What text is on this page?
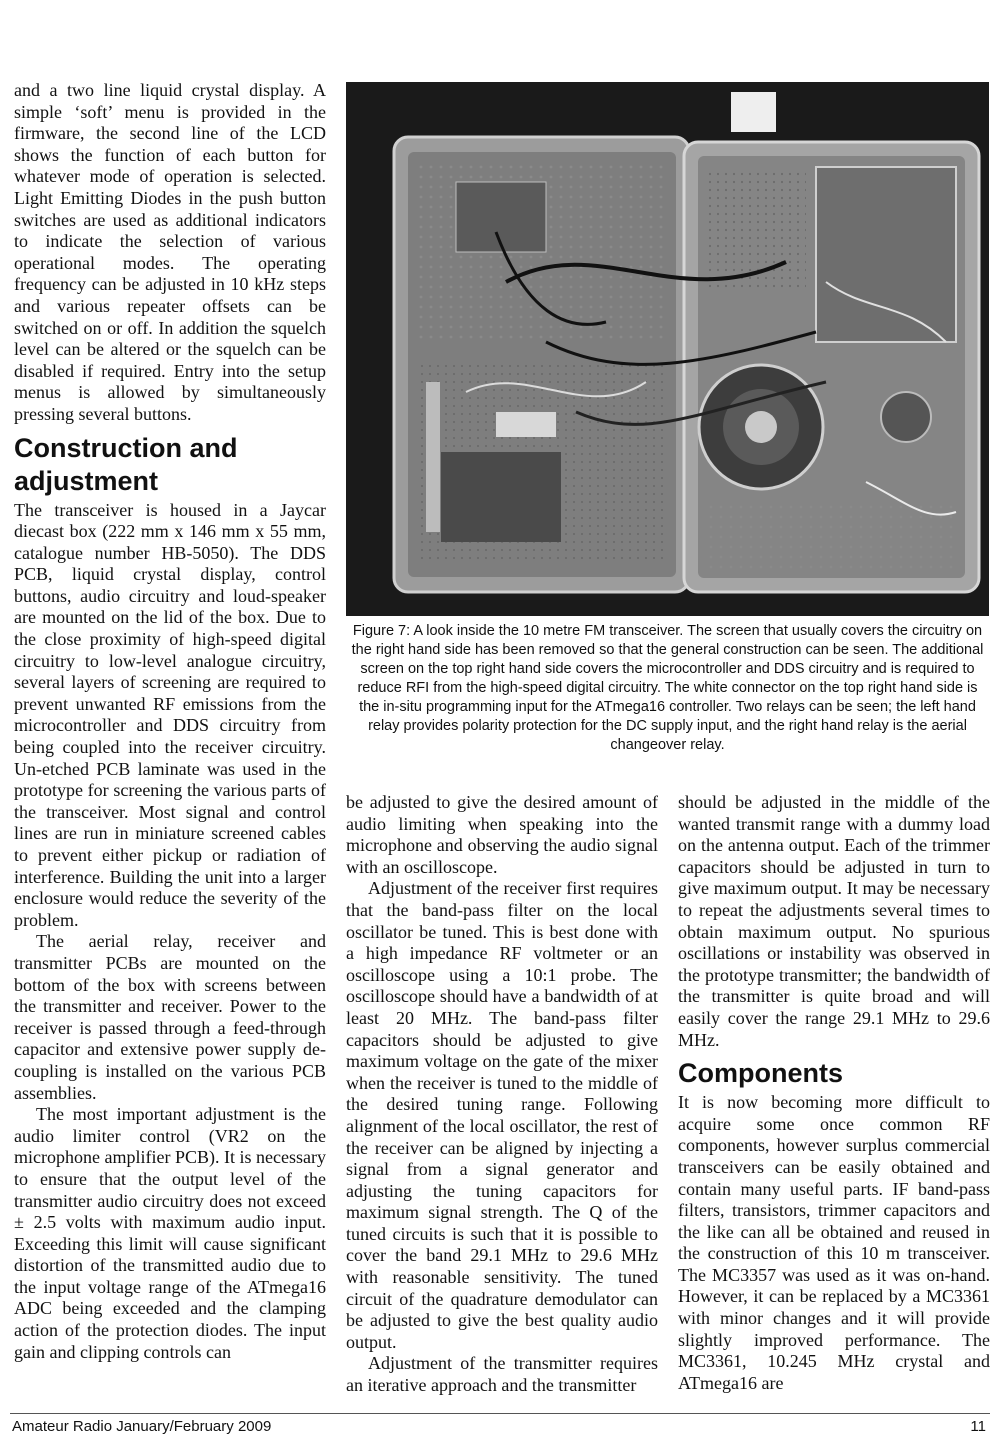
and a two line liquid crystal display. A simple ‘soft’ menu is provided in the firmware, the second line of the LCD shows the function of each button for whatever mode of operation is selected. Light Emitting Diodes in the push button switches are used as additional indicators to indicate the selection of various operational modes. The operating frequency can be adjusted in 10 kHz steps and various repeater offsets can be switched on or off. In addition the squelch level can be altered or the squelch can be disabled if required. Entry into the setup menus is allowed by simultaneously pressing several buttons.

Construction and adjustment

The transceiver is housed in a Jaycar diecast box (222 mm x 146 mm x 55 mm, catalogue number HB-5050). The DDS PCB, liquid crystal display, control buttons, audio circuitry and loud-speaker are mounted on the lid of the box. Due to the close proximity of high-speed digital circuitry to low-level analogue circuitry, several layers of screening are required to prevent unwanted RF emissions from the microcontroller and DDS circuitry from being coupled into the receiver circuitry. Un-etched PCB laminate was used in the prototype for screening the various parts of the transceiver. Most signal and control lines are run in miniature screened cables to prevent either pickup or radiation of interference. Building the unit into a larger enclosure would reduce the severity of the problem.

The aerial relay, receiver and transmitter PCBs are mounted on the bottom of the box with screens between the transmitter and receiver. Power to the receiver is passed through a feed-through capacitor and extensive power supply de-coupling is installed on the various PCB assemblies.

The most important adjustment is the audio limiter control (VR2 on the microphone amplifier PCB). It is necessary to ensure that the output level of the transmitter audio circuitry does not exceed ± 2.5 volts with maximum audio input. Exceeding this limit will cause significant distortion of the transmitted audio due to the input voltage range of the ATmega16 ADC being exceeded and the clamping action of the protection diodes. The input gain and clipping controls can

Figure 7: A look inside the 10 metre FM transceiver. The screen that usually covers the circuitry on the right hand side has been removed so that the general construction can be seen. The additional screen on the top right hand side covers the microcontroller and DDS circuitry and is required to reduce RFI from the high-speed digital circuitry. The white connector on the top right hand side is the in-situ programming input for the ATmega16 controller. Two relays can be seen; the left hand relay provides polarity protection for the DC supply input, and the right hand relay is the aerial changeover relay.

be adjusted to give the desired amount of audio limiting when speaking into the microphone and observing the audio signal with an oscilloscope.

Adjustment of the receiver first requires that the band-pass filter on the local oscillator be tuned. This is best done with a high impedance RF voltmeter or an oscilloscope using a 10:1 probe. The oscilloscope should have a bandwidth of at least 20 MHz. The band-pass filter capacitors should be adjusted to give maximum voltage on the gate of the mixer when the receiver is tuned to the middle of the desired tuning range. Following alignment of the local oscillator, the rest of the receiver can be aligned by injecting a signal from a signal generator and adjusting the tuning capacitors for maximum signal strength. The Q of the tuned circuits is such that it is possible to cover the band 29.1 MHz to 29.6 MHz with reasonable sensitivity. The tuned circuit of the quadrature demodulator can be adjusted to give the best quality audio output.

Adjustment of the transmitter requires an iterative approach and the transmitter

should be adjusted in the middle of the wanted transmit range with a dummy load on the antenna output. Each of the trimmer capacitors should be adjusted in turn to give maximum output. It may be necessary to repeat the adjustments several times to obtain maximum output. No spurious oscillations or instability was observed in the prototype transmitter; the bandwidth of the transmitter is quite broad and will easily cover the range 29.1 MHz to 29.6 MHz.

Components

It is now becoming more difficult to acquire some once common RF components, however surplus commercial transceivers can be easily obtained and contain many useful parts. IF band-pass filters, transistors, trimmer capacitors and the like can all be obtained and reused in the construction of this 10 m transceiver. The MC3357 was used as it was on-hand. However, it can be replaced by a MC3361 with minor changes and it will provide slightly improved performance. The MC3361, 10.245 MHz crystal and ATmega16 are

Amateur Radio January/February 2009	11
